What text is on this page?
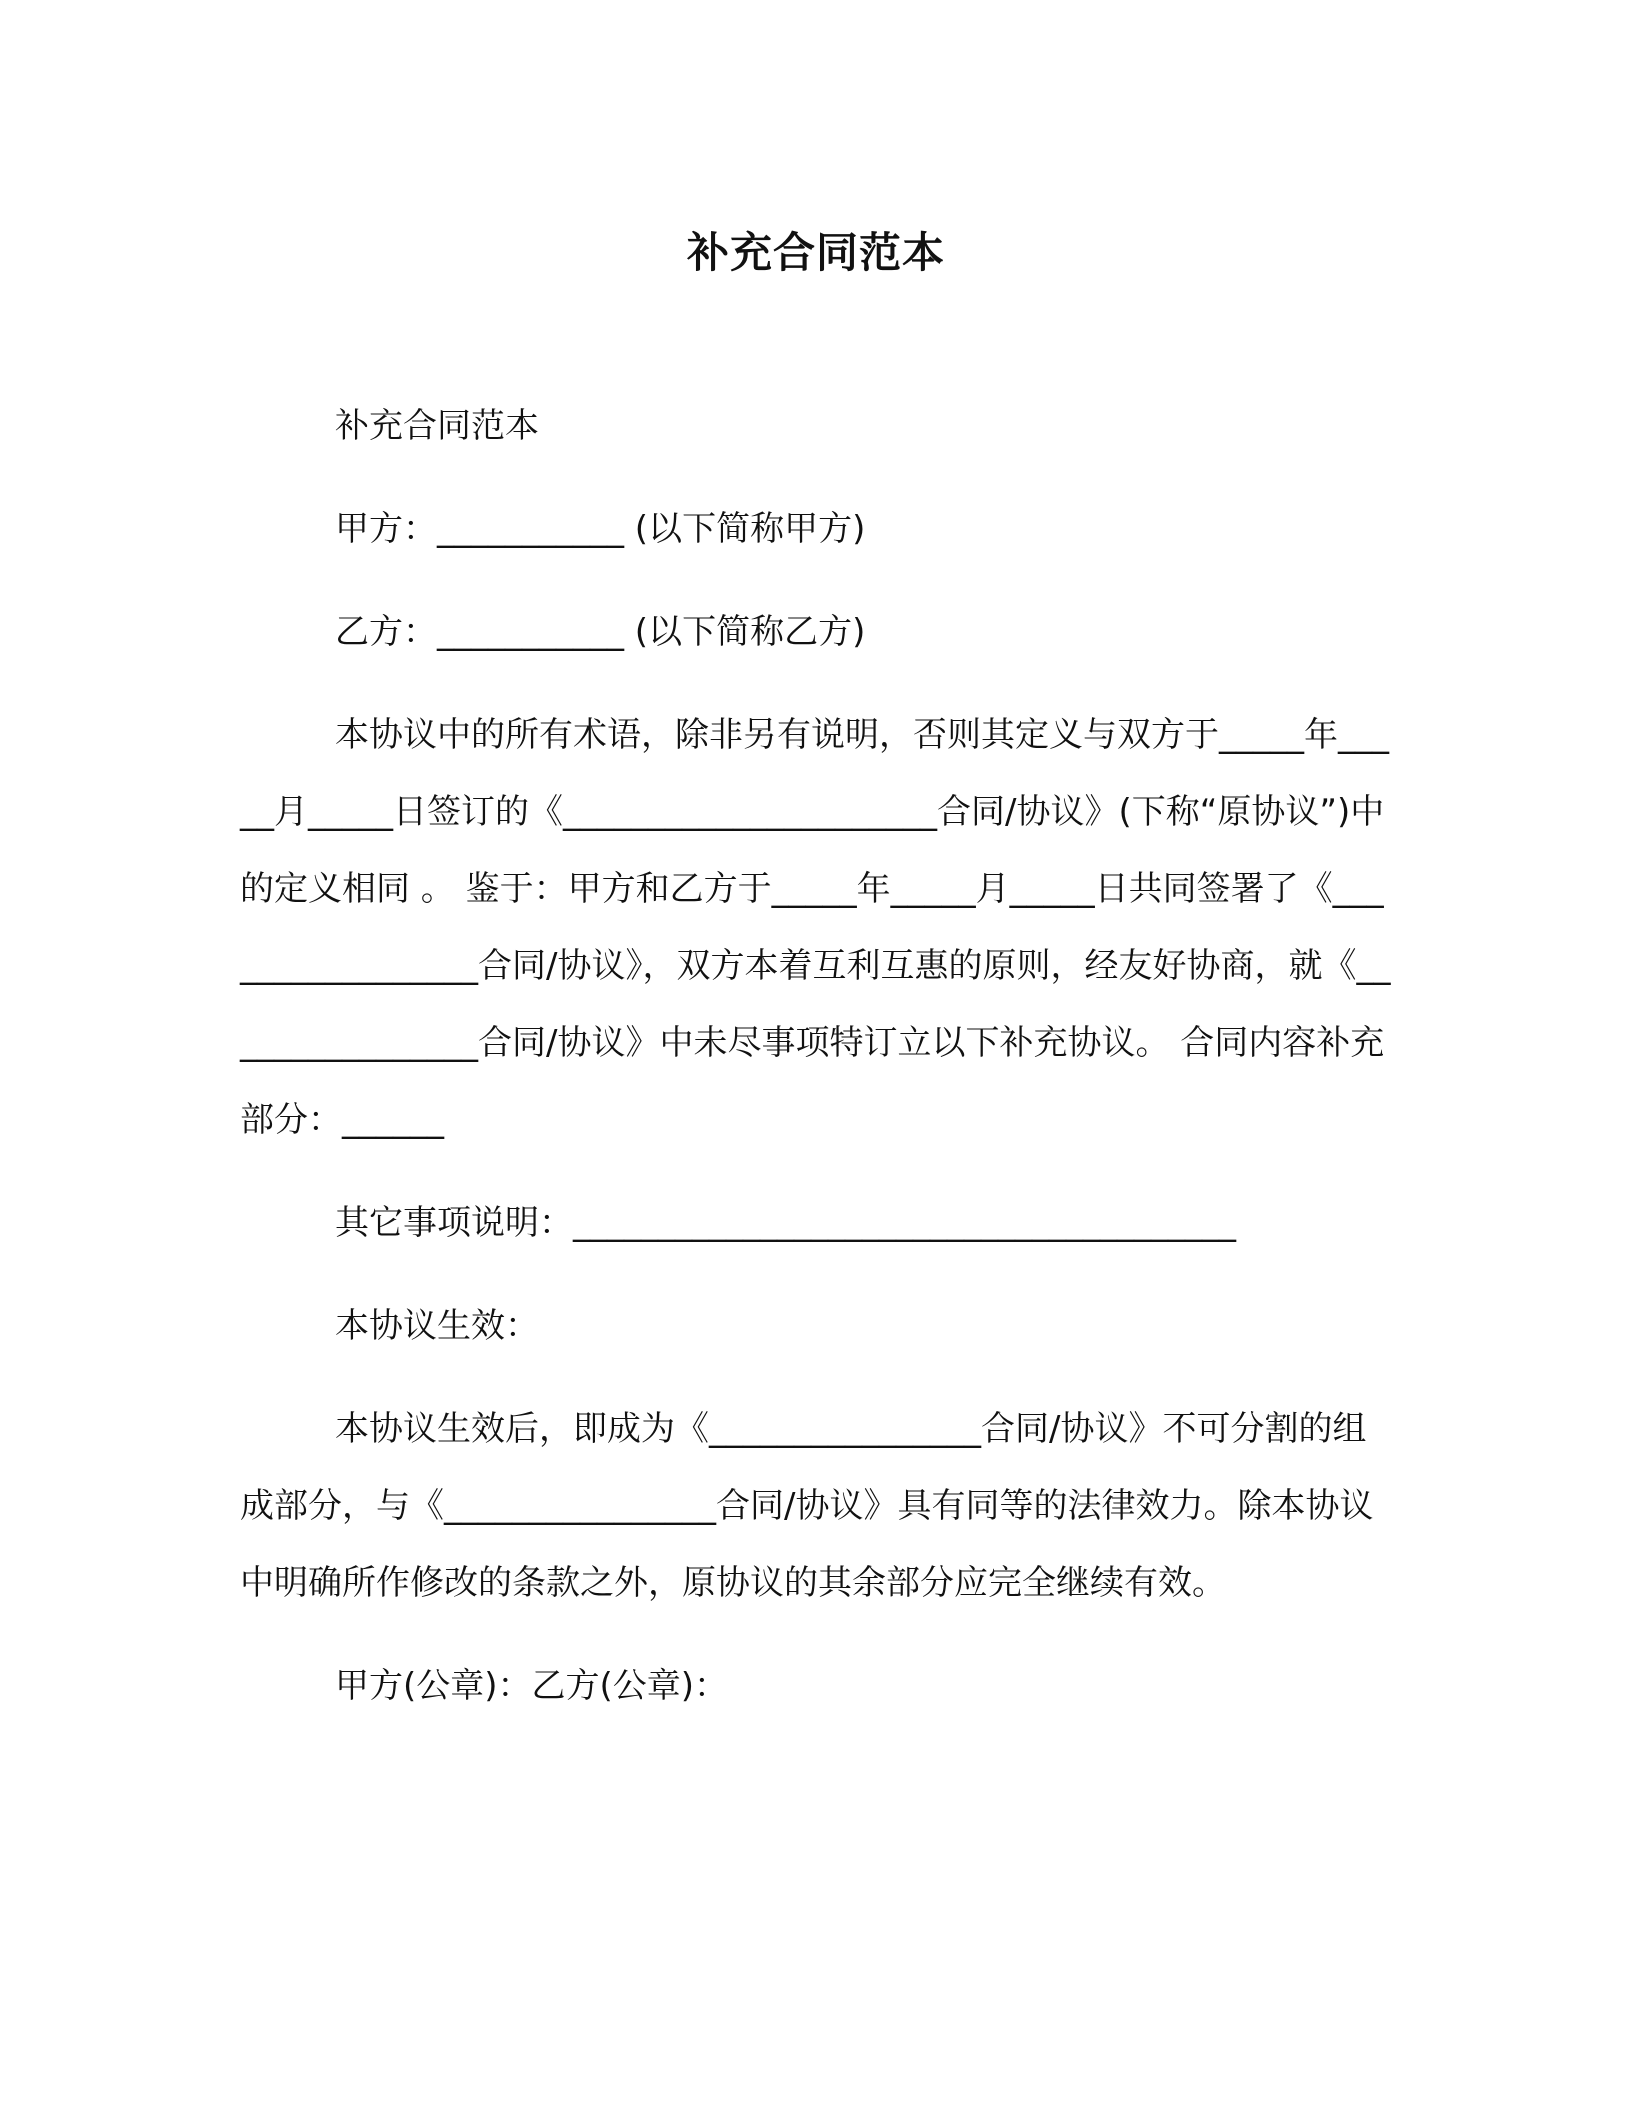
补充合同范本

补充合同范本

甲方：___________ (以下简称甲方)

乙方：___________ (以下简称乙方)

本协议中的所有术语，除非另有说明，否则其定义与双方于_____年_____月_____日签订的《______________________合同/协议》(下称“原协议”)中的定义相同 。 鉴于：甲方和乙方于_____年_____月_____日共同签署了《_________________合同/协议》，双方本着互利互惠的原则，经友好协商，就《________________合同/协议》中未尽事项特订立以下补充协议。 合同内容补充部分：______

其它事项说明：_______________________________________

本协议生效：

本协议生效后，即成为《________________合同/协议》不可分割的组成部分，与《________________合同/协议》具有同等的法律效力。除本协议中明确所作修改的条款之外，原协议的其余部分应完全继续有效。

甲方(公章)：乙方(公章)：
